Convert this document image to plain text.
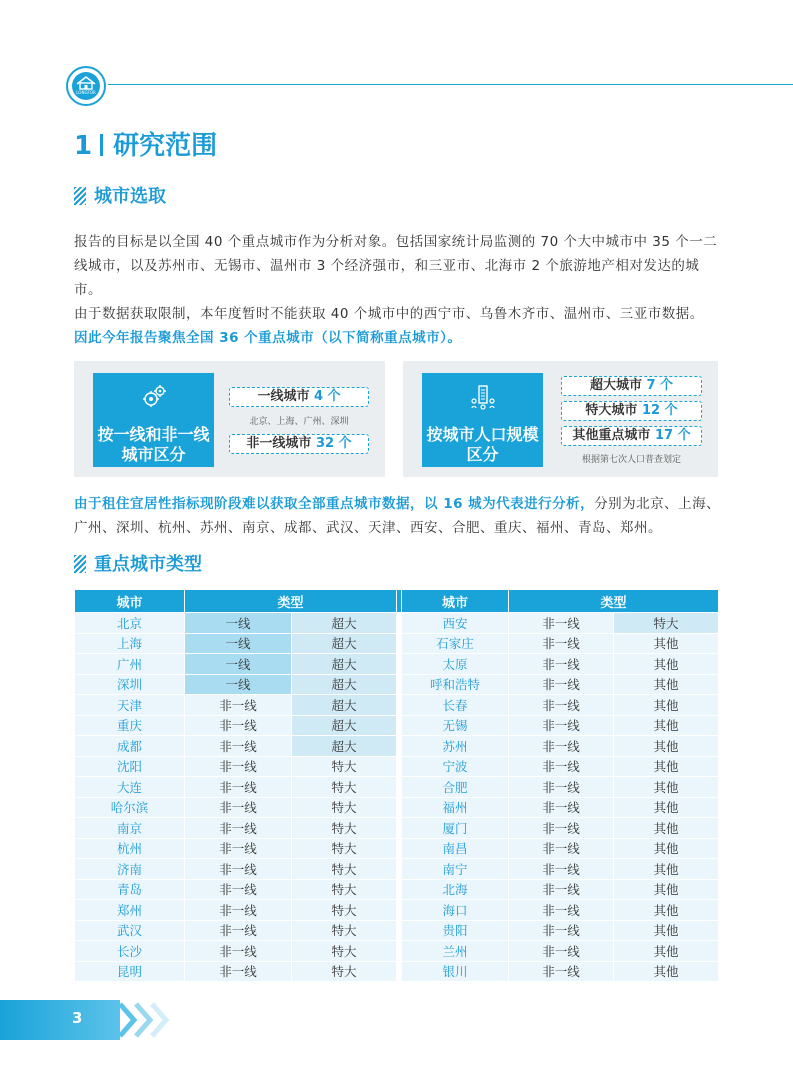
LONGFOR
1 研究范围
城市选取
报告的目标是以全国 40 个重点城市作为分析对象。包括国家统计局监测的 70 个大中城市中 35 个一二线城市，以及苏州市、无锡市、温州市 3 个经济强市，和三亚市、北海市 2 个旅游地产相对发达的城市。
由于数据获取限制，本年度暂时不能获取 40 个城市中的西宁市、乌鲁木齐市、温州市、三亚市数据。
因此今年报告聚焦全国 36 个重点城市（以下简称重点城市）。
按一线和非一线城市区分
一线城市 4 个
北京、上海、广州、深圳
非一线城市 32 个	按城市人口规模区分
超大城市 7 个
特大城市 12 个
其他重点城市 17 个
根据第七次人口普查划定
由于租住宜居性指标现阶段难以获取全部重点城市数据，以 16 城为代表进行分析，分别为北京、上海、广州、深圳、杭州、苏州、南京、成都、武汉、天津、西安、合肥、重庆、福州、青岛、郑州。
重点城市类型
城市	类型			城市	类型	
北京	一线	超大		西安	非一线	特大
上海	一线	超大		石家庄	非一线	其他
广州	一线	超大		太原	非一线	其他
深圳	一线	超大		呼和浩特	非一线	其他
天津	非一线	超大		长春	非一线	其他
重庆	非一线	超大		无锡	非一线	其他
成都	非一线	超大		苏州	非一线	其他
沈阳	非一线	特大		宁波	非一线	其他
大连	非一线	特大		合肥	非一线	其他
哈尔滨	非一线	特大		福州	非一线	其他
南京	非一线	特大		厦门	非一线	其他
杭州	非一线	特大		南昌	非一线	其他
济南	非一线	特大		南宁	非一线	其他
青岛	非一线	特大		北海	非一线	其他
郑州	非一线	特大		海口	非一线	其他
武汉	非一线	特大		贵阳	非一线	其他
长沙	非一线	特大		兰州	非一线	其他
昆明	非一线	特大		银川	非一线	其他
3
